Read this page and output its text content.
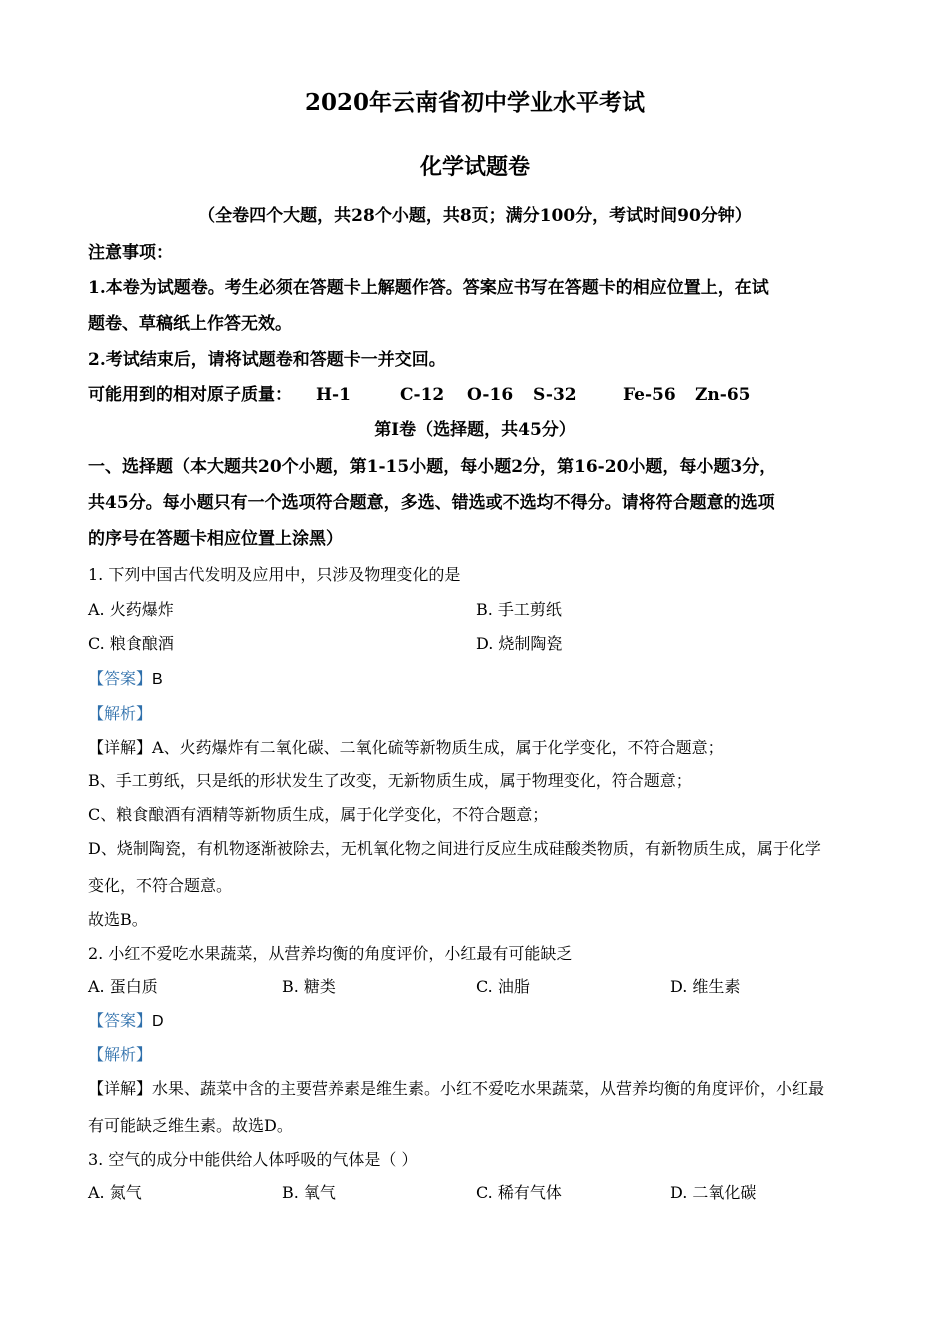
2020年云南省初中学业水平考试
化学试题卷
（全卷四个大题，共28个小题，共8页；满分100分，考试时间90分钟）
注意事项：
1.本卷为试题卷。考生必须在答题卡上解题作答。答案应书写在答题卡的相应位置上，在试
题卷、草稿纸上作答无效。
2.考试结束后，请将试题卷和答题卡一并交回。
可能用到的相对原子质量： H-1	C-12 O-16 S-32	Fe-56 Zn-65
第Ⅰ卷（选择题，共45分）
一、选择题（本大题共20个小题，第1-15小题，每小题2分，第16-20小题，每小题3分，
共45分。每小题只有一个选项符合题意，多选、错选或不选均不得分。请将符合题意的选项
的序号在答题卡相应位置上涂黑）
1. 下列中国古代发明及应用中，只涉及物理变化的是
A. 火药爆炸	B. 手工剪纸
C. 粮食酿酒	D. 烧制陶瓷
【答案】B
【解析】
【详解】A、火药爆炸有二氧化碳、二氧化硫等新物质生成，属于化学变化，不符合题意；
B、手工剪纸，只是纸的形状发生了改变，无新物质生成，属于物理变化，符合题意；
C、粮食酿酒有酒精等新物质生成，属于化学变化，不符合题意；
D、烧制陶瓷，有机物逐渐被除去，无机氧化物之间进行反应生成硅酸类物质，有新物质生成，属于化学
变化，不符合题意。
故选B。
2. 小红不爱吃水果蔬菜，从营养均衡的角度评价，小红最有可能缺乏
A. 蛋白质	B. 糖类	C. 油脂	D. 维生素
【答案】D
【解析】
【详解】水果、蔬菜中含的主要营养素是维生素。小红不爱吃水果蔬菜，从营养均衡的角度评价，小红最
有可能缺乏维生素。故选D。
3. 空气的成分中能供给人体呼吸的气体是（ ）
A. 氮气	B. 氧气	C. 稀有气体	D. 二氧化碳
